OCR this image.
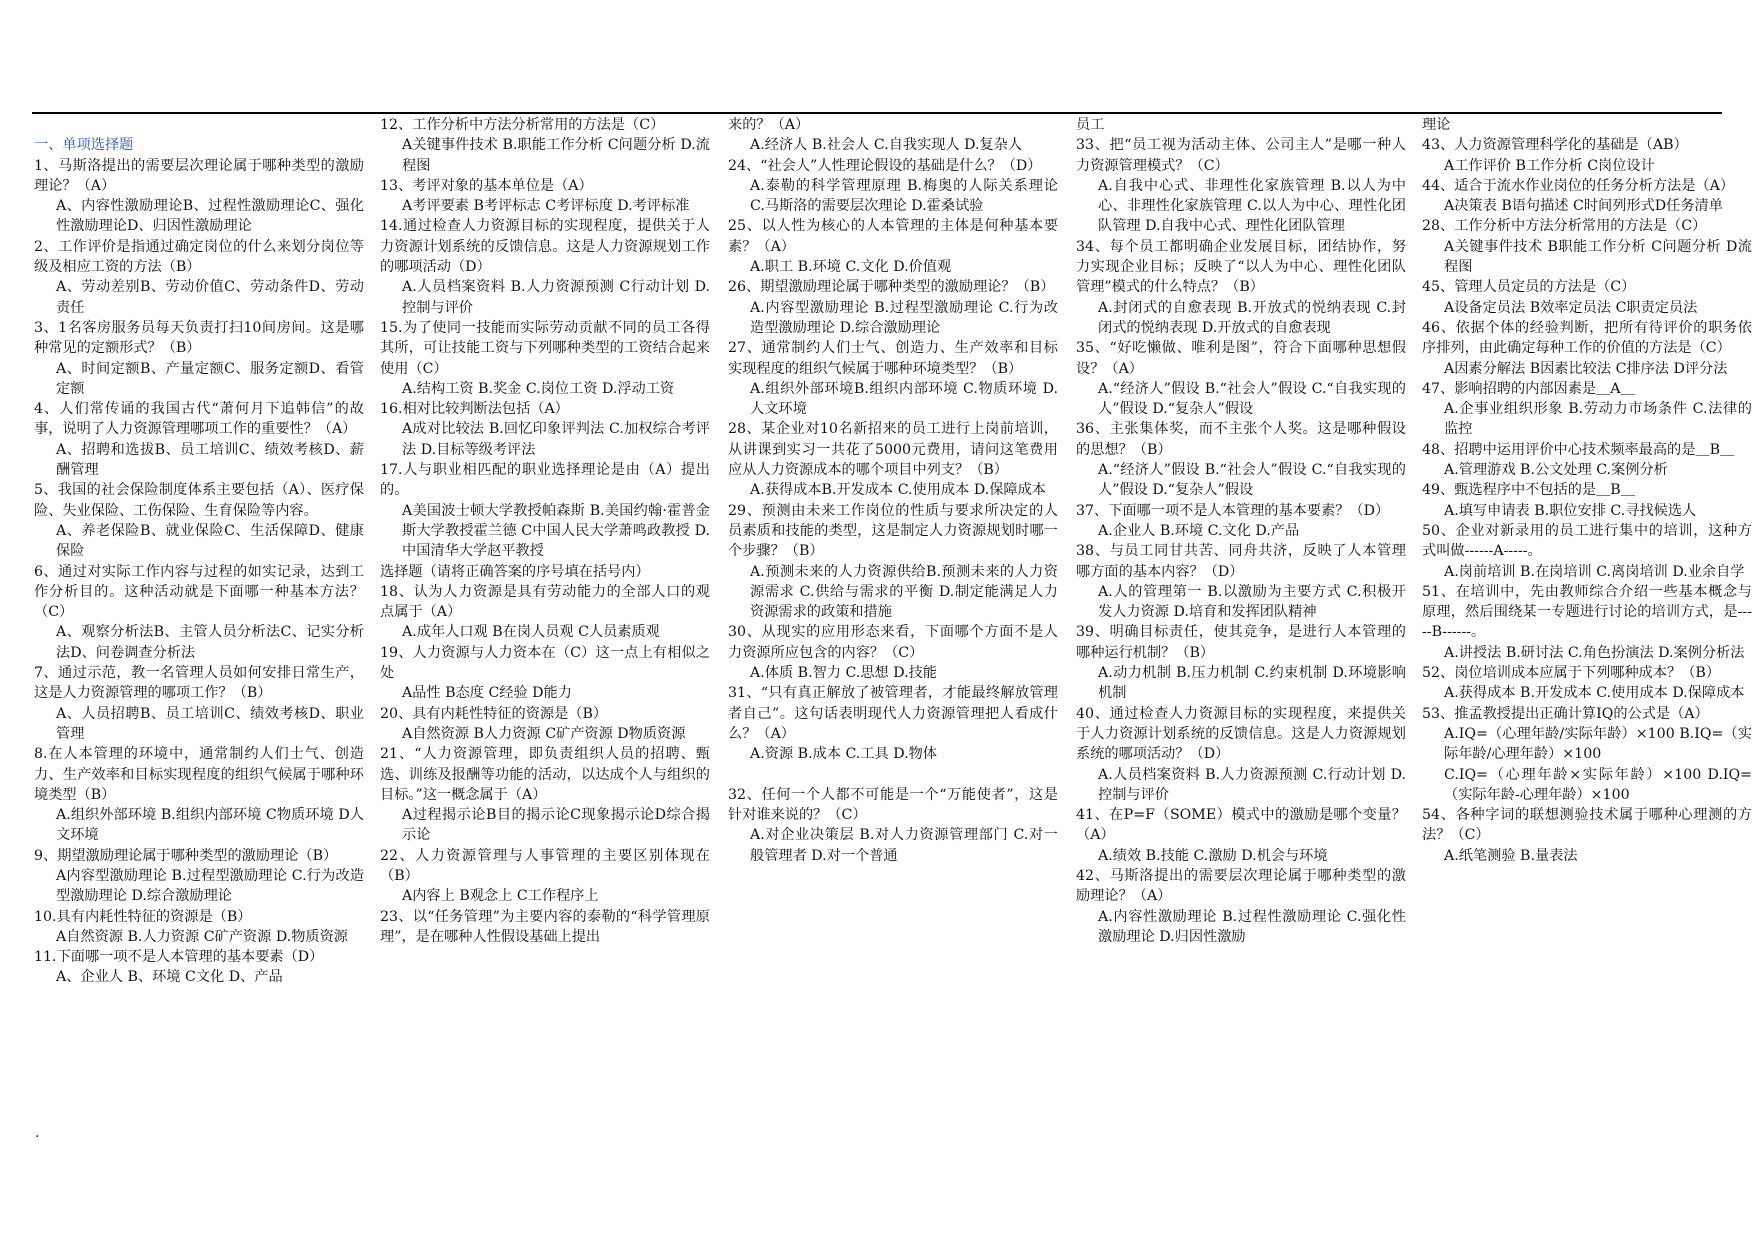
一、单项选择题

1、马斯洛提出的需要层次理论属于哪种类型的激励理论？（A）

A、内容性激励理论B、过程性激励理论C、强化性激励理论D、归因性激励理论

2、工作评价是指通过确定岗位的什么来划分岗位等级及相应工资的方法（B）

A、劳动差别B、劳动价值C、劳动条件D、劳动责任

3、1名客房服务员每天负责打扫10间房间。这是哪种常见的定额形式？（B）

A、时间定额B、产量定额C、服务定额D、看管定额

4、人们常传诵的我国古代“萧何月下追韩信”的故事，说明了人力资源管理哪项工作的重要性？（A）

A、招聘和选拔B、员工培训C、绩效考核D、薪酬管理

5、我国的社会保险制度体系主要包括（A）、医疗保险、失业保险、工伤保险、生育保险等内容。

A、养老保险B、就业保险C、生活保障D、健康保险

6、通过对实际工作内容与过程的如实记录，达到工作分析目的。这种活动就是下面哪一种基本方法？（C）

A、观察分析法B、主管人员分析法C、记实分析法D、问卷调查分析法

7、通过示范，教一名管理人员如何安排日常生产，这是人力资源管理的哪项工作？（B）

A、人员招聘B、员工培训C、绩效考核D、职业管理

8.在人本管理的环境中，通常制约人们士气、创造力、生产效率和目标实现程度的组织气候属于哪种环境类型（B）

A.组织外部环境 B.组织内部环境 C物质环境 D人文环境

9、期望激励理论属于哪种类型的激励理论（B）

A内容型激励理论 B.过程型激励理论 C.行为改造型激励理论 D.综合激励理论

10.具有内耗性特征的资源是（B）

A自然资源 B.人力资源 C矿产资源 D.物质资源

11.下面哪一项不是人本管理的基本要素（D）

A、企业人 B、环境 C文化 D、产品

12、工作分析中方法分析常用的方法是（C）

A关键事件技术 B.职能工作分析 C问题分析 D.流程图

13、考评对象的基本单位是（A）

A考评要素 B考评标志 C考评标度 D.考评标准

14.通过检查人力资源目标的实现程度，提供关于人力资源计划系统的反馈信息。这是人力资源规划工作的哪项活动（D）

A.人员档案资料 B.人力资源预测 C行动计划 D.控制与评价

15.为了使同一技能而实际劳动贡献不同的员工各得其所，可让技能工资与下列哪种类型的工资结合起来使用（C）

A.结构工资 B.奖金 C.岗位工资 D.浮动工资

16.相对比较判断法包括（A）

A成对比较法 B.回忆印象评判法 C.加权综合考评法 D.目标等级考评法

17.人与职业相匹配的职业选择理论是由（A）提出的。

A美国波士顿大学教授帕森斯 B.美国约翰·霍普金斯大学教授霍兰德 C中国人民大学萧鸣政教授 D.中国清华大学赵平教授

选择题（请将正确答案的序号填在括号内）

18、认为人力资源是具有劳动能力的全部人口的观点属于（A）

A.成年人口观 B在岗人员观 C人员素质观

19、人力资源与人力资本在（C）这一点上有相似之处

A品性 B态度 C经验 D能力

20、具有内耗性特征的资源是（B）

A自然资源 B人力资源 C矿产资源 D物质资源

21、“人力资源管理，即负责组织人员的招聘、甄选、训练及报酬等功能的活动，以达成个人与组织的目标。”这一概念属于（A）

A过程揭示论B目的揭示论C现象揭示论D综合揭示论

22、人力资源管理与人事管理的主要区别体现在（B）

A内容上 B观念上 C工作程序上

23、以“任务管理”为主要内容的泰勒的“科学管理原理”，是在哪种人性假设基础上提出

来的？（A）

A.经济人 B.社会人 C.自我实现人 D.复杂人

24、“社会人”人性理论假设的基础是什么？（D）

A.泰勒的科学管理原理 B.梅奥的人际关系理论 C.马斯洛的需要层次理论 D.霍桑试验

25、以人性为核心的人本管理的主体是何种基本要素？（A）

A.职工 B.环境 C.文化 D.价值观

26、期望激励理论属于哪种类型的激励理论？（B）

A.内容型激励理论 B.过程型激励理论 C.行为改造型激励理论 D.综合激励理论

27、通常制约人们士气、创造力、生产效率和目标实现程度的组织气候属于哪种环境类型？（B）

A.组织外部环境B.组织内部环境 C.物质环境 D.人文环境

28、某企业对10名新招来的员工进行上岗前培训，从讲课到实习一共花了5000元费用，请问这笔费用应从人力资源成本的哪个项目中列支？（B）

A.获得成本B.开发成本 C.使用成本 D.保障成本

29、预测由未来工作岗位的性质与要求所决定的人员素质和技能的类型，这是制定人力资源规划时哪一个步骤？（B）

A.预测未来的人力资源供给B.预测未来的人力资源需求 C.供给与需求的平衡 D.制定能满足人力资源需求的政策和措施

30、从现实的应用形态来看，下面哪个方面不是人力资源所应包含的内容？（C）

A.体质 B.智力 C.思想 D.技能

31、“只有真正解放了被管理者，才能最终解放管理者自己”。这句话表明现代人力资源管理把人看成什么？（A）

A.资源 B.成本 C.工具 D.物体

32、任何一个人都不可能是一个“万能使者”，这是针对谁来说的？（C）

A.对企业决策层 B.对人力资源管理部门 C.对一般管理者 D.对一个普通

员工

33、把“员工视为活动主体、公司主人”是哪一种人力资源管理模式？（C）

A.自我中心式、非理性化家族管理 B.以人为中心、非理性化家族管理 C.以人为中心、理性化团队管理 D.自我中心式、理性化团队管理

34、每个员工都明确企业发展目标，团结协作，努力实现企业目标；反映了“以人为中心、理性化团队管理”模式的什么特点？（B）

A.封闭式的自愈表现 B.开放式的悦纳表现 C.封闭式的悦纳表现 D.开放式的自愈表现

35、“好吃懒做、唯利是图”，符合下面哪种思想假设？（A）

A.“经济人”假设 B.“社会人”假设 C.“自我实现的人”假设 D.“复杂人”假设

36、主张集体奖，而不主张个人奖。这是哪种假设的思想？（B）

A.“经济人”假设 B.“社会人”假设 C.“自我实现的人”假设 D.“复杂人”假设

37、下面哪一项不是人本管理的基本要素？（D）

A.企业人 B.环境 C.文化 D.产品

38、与员工同甘共苦、同舟共济，反映了人本管理哪方面的基本内容？（D）

A.人的管理第一 B.以激励为主要方式 C.积极开发人力资源 D.培育和发挥团队精神

39、明确目标责任，使其竞争，是进行人本管理的哪种运行机制？（B）

A.动力机制 B.压力机制 C.约束机制 D.环境影响机制

40、通过检查人力资源目标的实现程度，来提供关于人力资源计划系统的反馈信息。这是人力资源规划系统的哪项活动？（D）

A.人员档案资料 B.人力资源预测 C.行动计划 D.控制与评价

41、在P=F（SOME）模式中的激励是哪个变量？（A）

A.绩效 B.技能 C.激励 D.机会与环境

42、马斯洛提出的需要层次理论属于哪种类型的激励理论？（A）

A.内容性激励理论 B.过程性激励理论 C.强化性激励理论 D.归因性激励

理论

43、人力资源管理科学化的基础是（AB）

A工作评价 B工作分析 C岗位设计

44、适合于流水作业岗位的任务分析方法是（A）

A决策表 B语句描述 C时间列形式D任务清单

28、工作分析中方法分析常用的方法是（C）

A关键事件技术 B职能工作分析 C问题分析 D流程图

45、管理人员定员的方法是（C）

A设备定员法 B效率定员法 C职责定员法

46、依据个体的经验判断，把所有待评价的职务依序排列，由此确定每种工作的价值的方法是（C）

A因素分解法 B因素比较法 C排序法 D评分法

47、影响招聘的内部因素是＿A＿

A.企事业组织形象 B.劳动力市场条件 C.法律的监控

48、招聘中运用评价中心技术频率最高的是＿B＿

A.管理游戏 B.公文处理 C.案例分析

49、甄选程序中不包括的是＿B＿

A.填写申请表 B.职位安排 C.寻找候选人

50、企业对新录用的员工进行集中的培训，这种方式叫做------A-----。

A.岗前培训 B.在岗培训 C.离岗培训 D.业余自学

51、在培训中，先由教师综合介绍一些基本概念与原理，然后围绕某一专题进行讨论的培训方式，是-----B------。

A.讲授法 B.研讨法 C.角色扮演法 D.案例分析法

52、岗位培训成本应属于下列哪种成本？（B）

A.获得成本 B.开发成本 C.使用成本 D.保障成本

53、推孟教授提出正确计算IQ的公式是（A）

A.IQ=（心理年龄/实际年龄）×100 B.IQ=（实际年龄/心理年龄）×100

C.IQ=（心理年龄×实际年龄）×100 D.IQ=（实际年龄-心理年龄）×100

54、各种字词的联想测验技术属于哪种心理测的方法？（C）

A.纸笔测验 B.量表法

.
